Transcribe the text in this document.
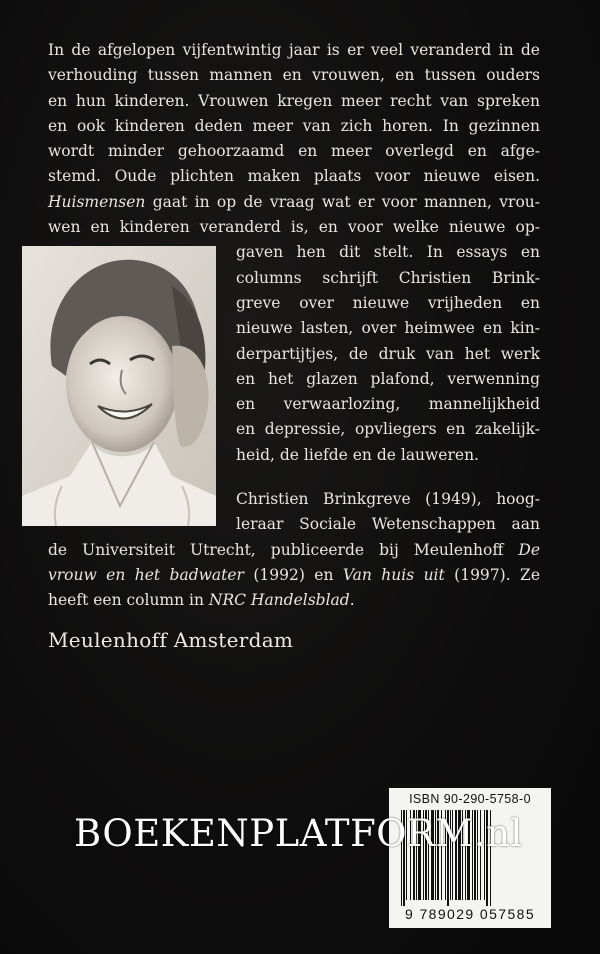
In de afgelopen vijfentwintig jaar is er veel veranderd in de
verhouding tussen mannen en vrouwen, en tussen ouders
en hun kinderen. Vrouwen kregen meer recht van spreken
en ook kinderen deden meer van zich horen. In gezinnen
wordt minder gehoorzaamd en meer overlegd en afge-
stemd. Oude plichten maken plaats voor nieuwe eisen.
Huismensen gaat in op de vraag wat er voor mannen, vrou-
wen en kinderen veranderd is, en voor welke nieuwe op-
gaven hen dit stelt. In essays en
columns schrijft Christien Brink-
greve over nieuwe vrijheden en
nieuwe lasten, over heimwee en kin-
derpartijtjes, de druk van het werk
en het glazen plafond, verwenning
en verwaarlozing, mannelijkheid
en depressie, opvliegers en zakelijk-
heid, de liefde en de lauweren.
Christien Brinkgreve (1949), hoog-
leraar Sociale Wetenschappen aan
de Universiteit Utrecht, publiceerde bij Meulenhoff De
vrouw en het badwater (1992) en Van huis uit (1997). Ze
heeft een column in NRC Handelsblad.
Meulenhoff Amsterdam
ISBN 90-290-5758-0
9 789029 057585
BOEKENPLATFORM.nl
